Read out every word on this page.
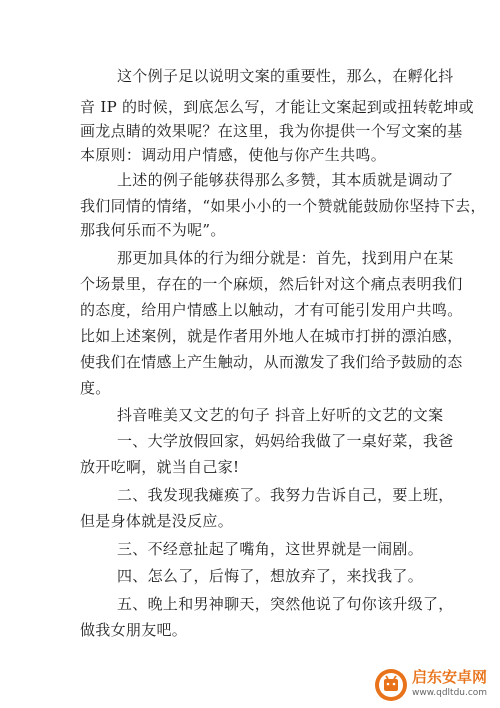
这个例子足以说明文案的重要性，那么，在孵化抖
音 IP 的时候，到底怎么写，才能让文案起到或扭转乾坤或
画龙点睛的效果呢？在这里，我为你提供一个写文案的基
本原则：调动用户情感，使他与你产生共鸣。
上述的例子能够获得那么多赞，其本质就是调动了
我们同情的情绪，“如果小小的一个赞就能鼓励你坚持下去，
那我何乐而不为呢”。
那更加具体的行为细分就是：首先，找到用户在某
个场景里，存在的一个麻烦，然后针对这个痛点表明我们
的态度，给用户情感上以触动，才有可能引发用户共鸣。
比如上述案例，就是作者用外地人在城市打拼的漂泊感，
使我们在情感上产生触动，从而激发了我们给予鼓励的态
度。
抖音唯美又文艺的句子 抖音上好听的文艺的文案
一、大学放假回家，妈妈给我做了一桌好菜，我爸
放开吃啊，就当自己家!
二、我发现我瘫痪了。我努力告诉自己，要上班，
但是身体就是没反应。
三、不经意扯起了嘴角，这世界就是一闹剧。
四、怎么了，后悔了，想放弃了，来找我了。
五、晚上和男神聊天，突然他说了句你该升级了，
做我女朋友吧。
启东安卓网
www.qdltdu.com
